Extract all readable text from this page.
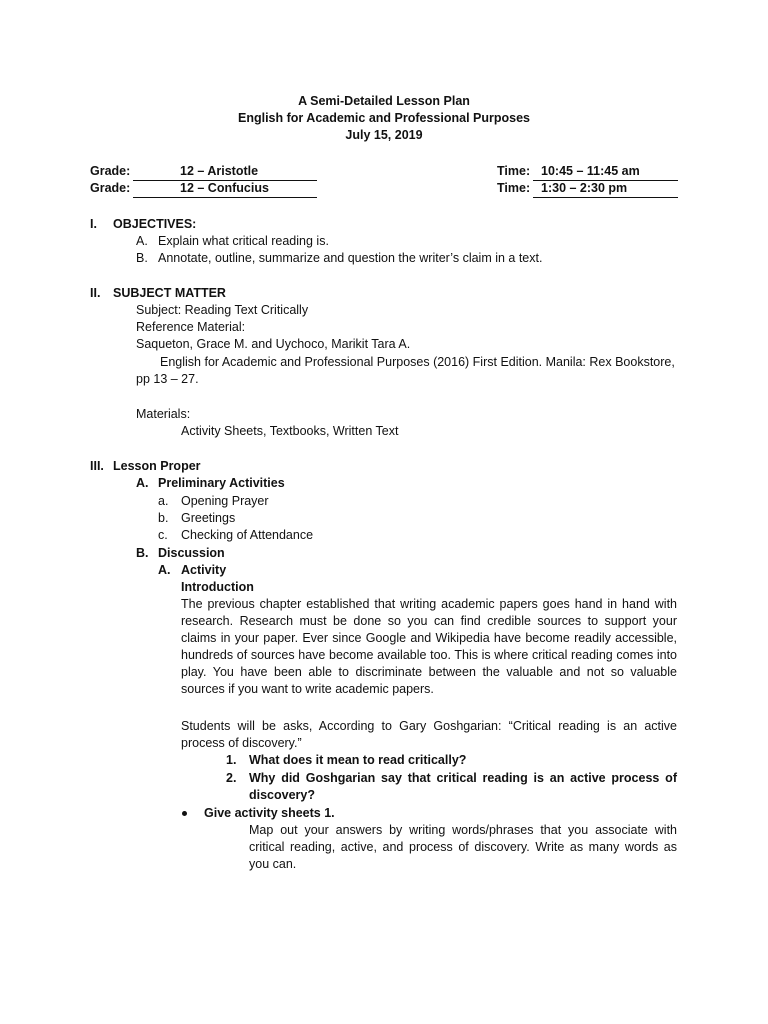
A Semi-Detailed Lesson Plan
English for Academic and Professional Purposes
July 15, 2019
Grade:	12 – Aristotle	Time: 10:45 – 11:45 am
Grade:	12 – Confucius	Time: 1:30 – 2:30 pm
I. OBJECTIVES:
A. Explain what critical reading is.
B. Annotate, outline, summarize and question the writer’s claim in a text.
II. SUBJECT MATTER
Subject: Reading Text Critically
Reference Material:
Saqueton, Grace M. and Uychoco, Marikit Tara A.
English for Academic and Professional Purposes (2016) First Edition. Manila: Rex Bookstore,
pp 13 – 27.
Materials:
Activity Sheets, Textbooks, Written Text
III. Lesson Proper
A. Preliminary Activities
a. Opening Prayer
b. Greetings
c. Checking of Attendance
B. Discussion
A. Activity
Introduction
The previous chapter established that writing academic papers goes hand in hand with research. Research must be done so you can find credible sources to support your claims in your paper. Ever since Google and Wikipedia have become readily accessible, hundreds of sources have become available too. This is where critical reading comes into play. You have been able to discriminate between the valuable and not so valuable sources if you want to write academic papers.
Students will be asks, According to Gary Goshgarian: “Critical reading is an active process of discovery.”
1. What does it mean to read critically?
2. Why did Goshgarian say that critical reading is an active process of discovery?
Give activity sheets 1.
Map out your answers by writing words/phrases that you associate with critical reading, active, and process of discovery. Write as many words as you can.
